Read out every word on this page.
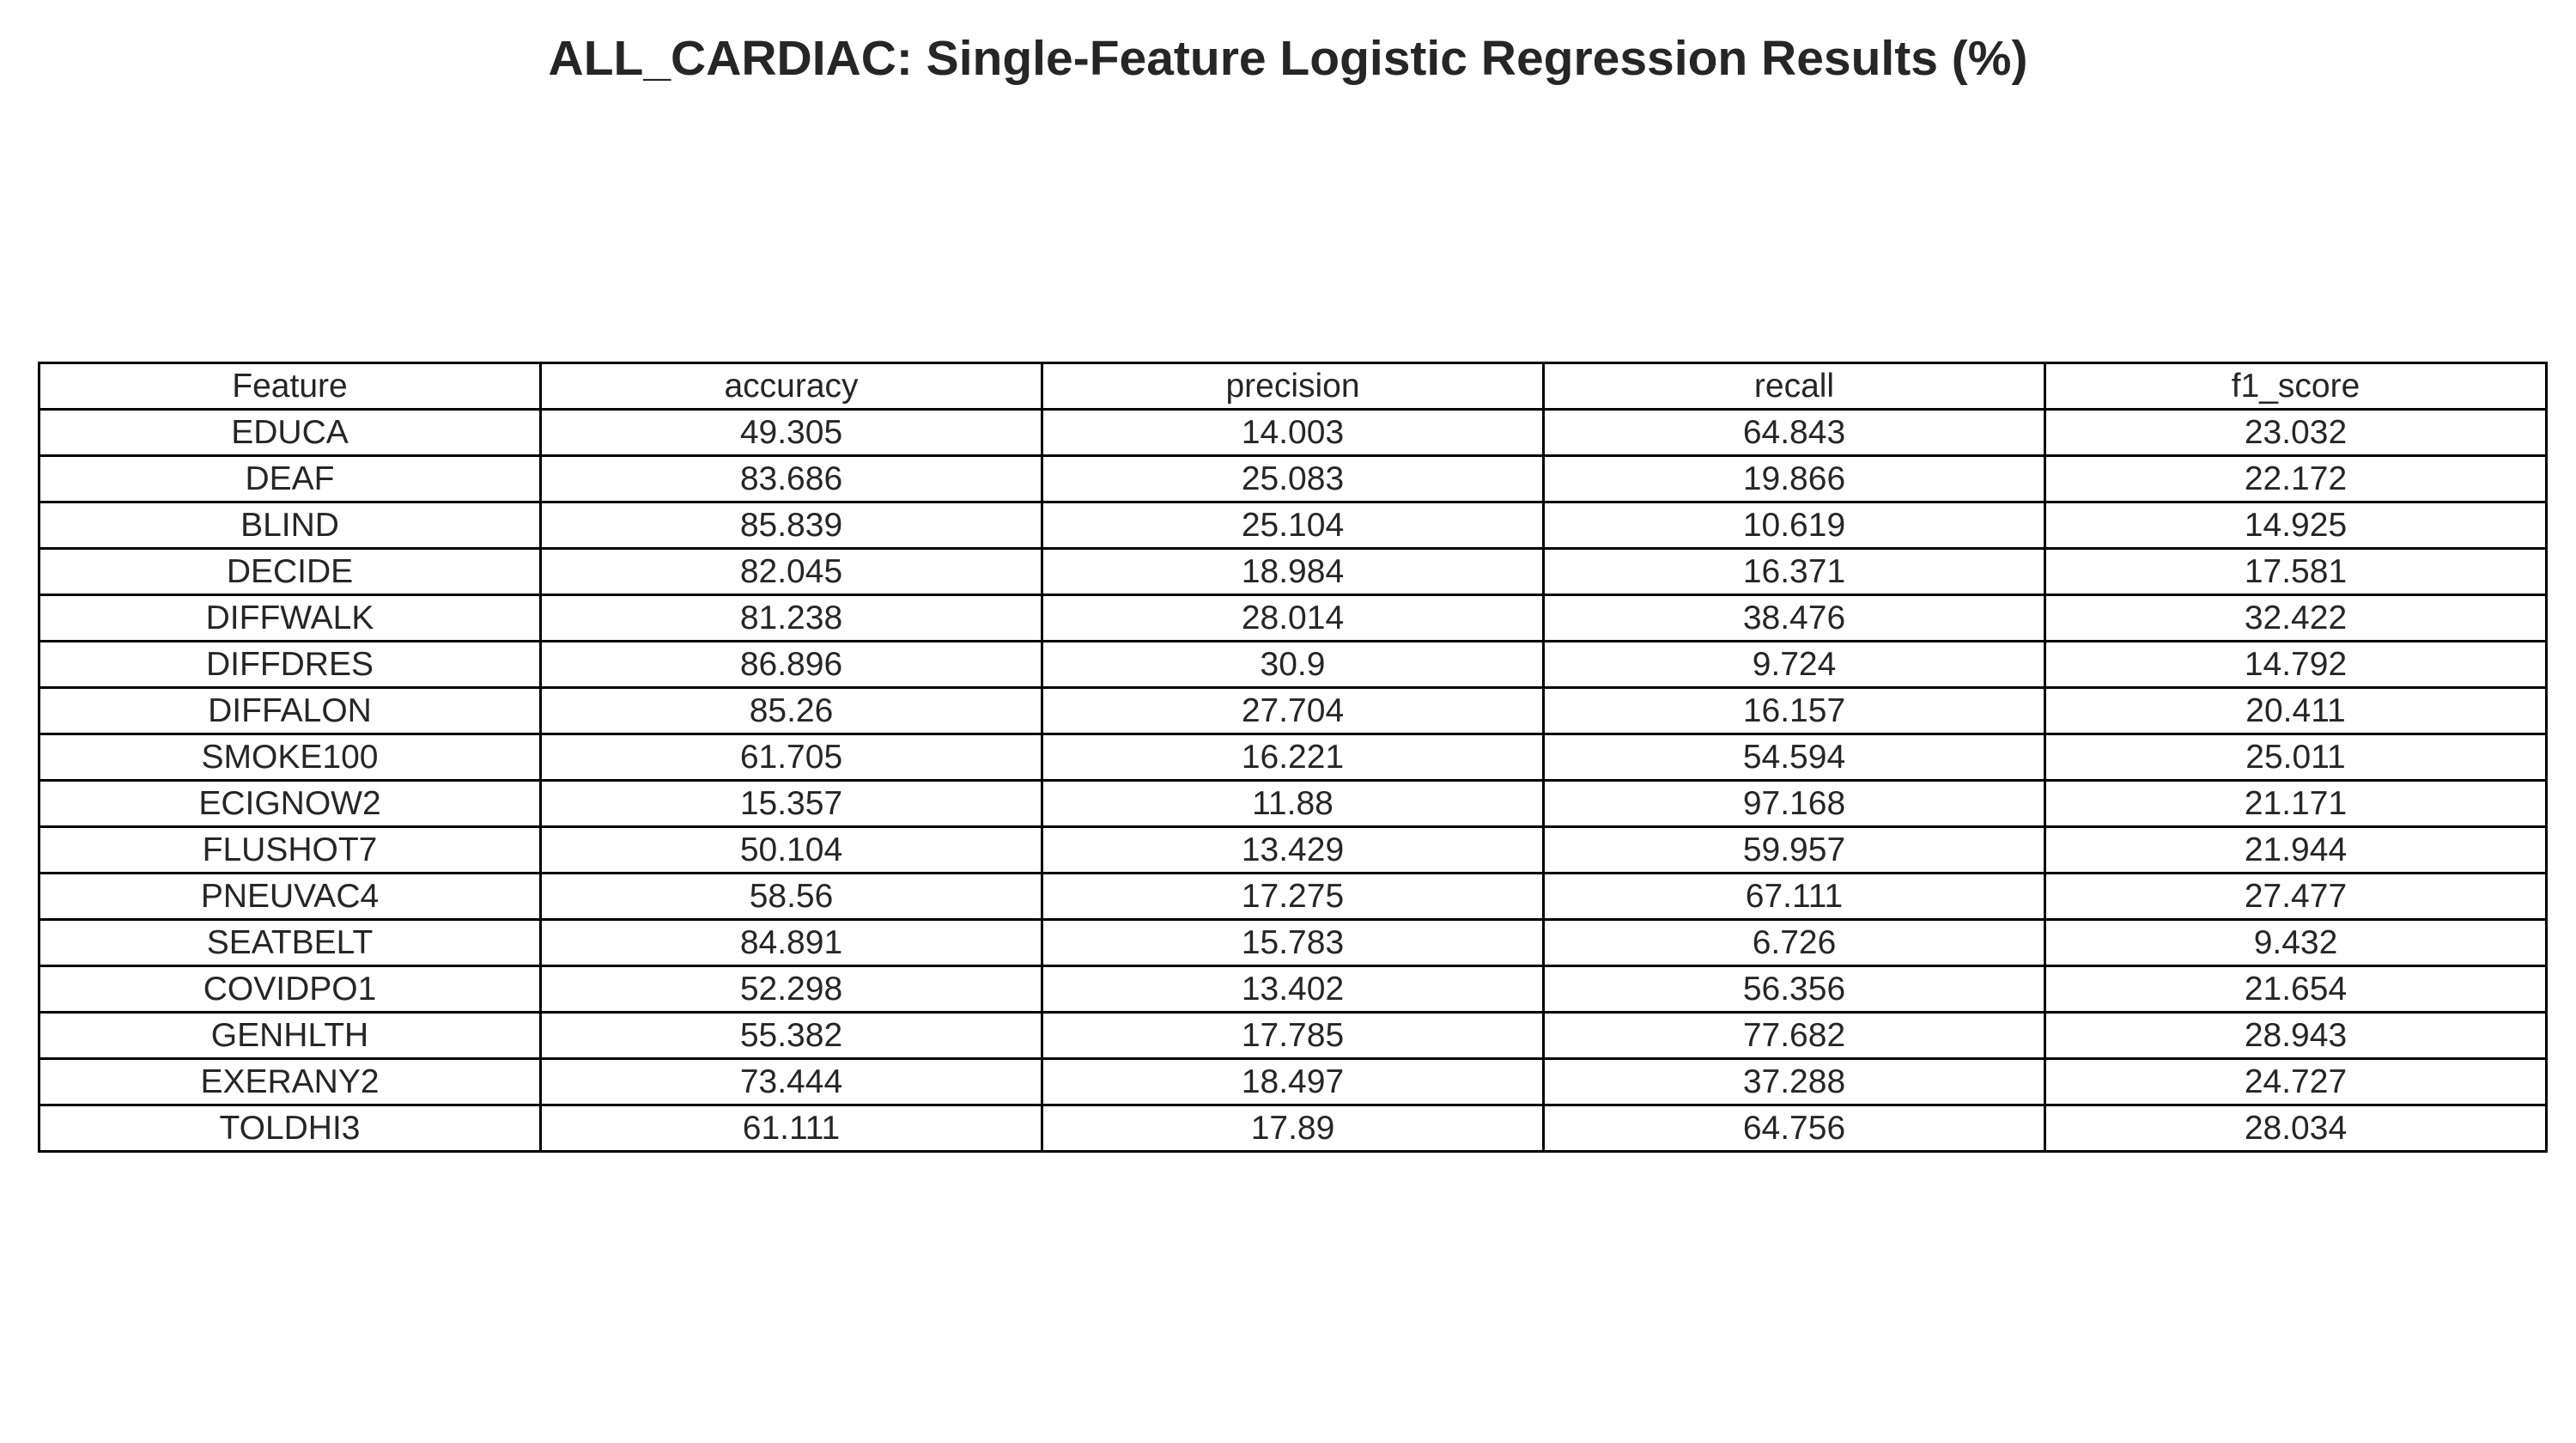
ALL_CARDIAC: Single-Feature Logistic Regression Results (%)
Feature	accuracy	precision	recall	f1_score
EDUCA	49.305	14.003	64.843	23.032
DEAF	83.686	25.083	19.866	22.172
BLIND	85.839	25.104	10.619	14.925
DECIDE	82.045	18.984	16.371	17.581
DIFFWALK	81.238	28.014	38.476	32.422
DIFFDRES	86.896	30.9	9.724	14.792
DIFFALON	85.26	27.704	16.157	20.411
SMOKE100	61.705	16.221	54.594	25.011
ECIGNOW2	15.357	11.88	97.168	21.171
FLUSHOT7	50.104	13.429	59.957	21.944
PNEUVAC4	58.56	17.275	67.111	27.477
SEATBELT	84.891	15.783	6.726	9.432
COVIDPO1	52.298	13.402	56.356	21.654
GENHLTH	55.382	17.785	77.682	28.943
EXERANY2	73.444	18.497	37.288	24.727
TOLDHI3	61.111	17.89	64.756	28.034
